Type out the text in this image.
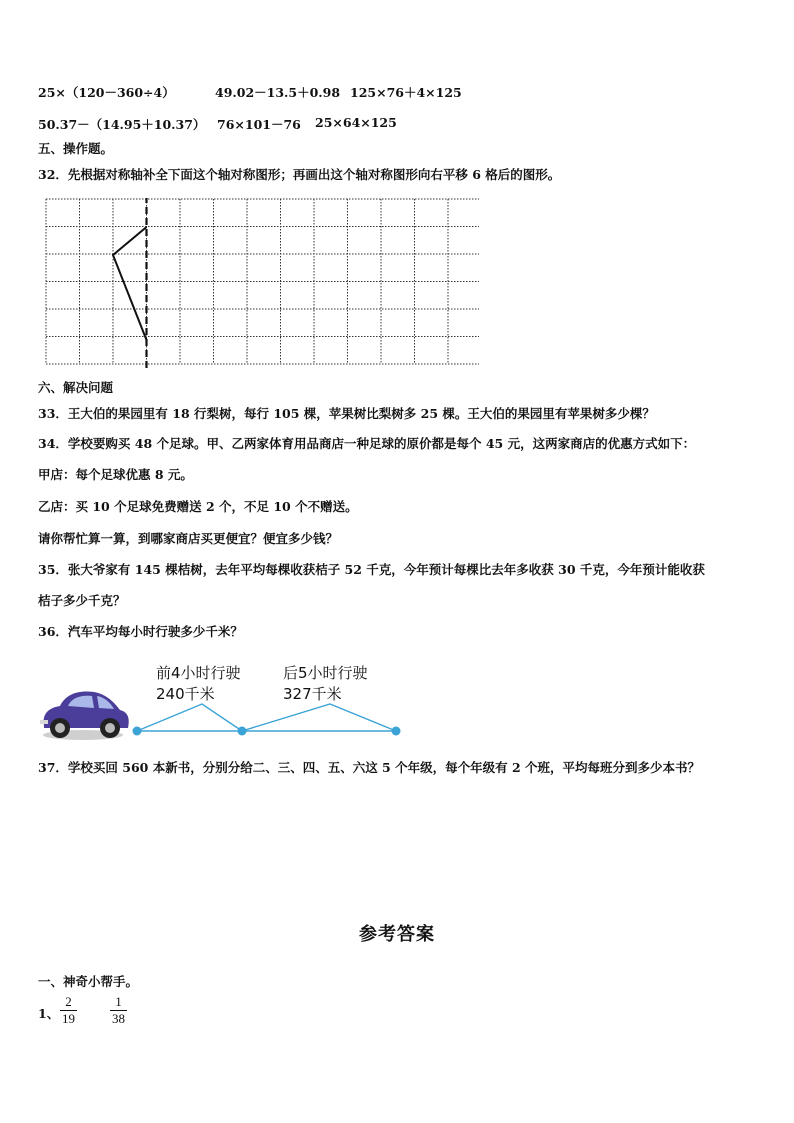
25×（120－360÷4）	49.02－13.5＋0.98 125×76＋4×125
50.37－（14.95＋10.37） 76×101－76 25×64×125
五、操作题。
32．先根据对称轴补全下面这个轴对称图形；再画出这个轴对称图形向右平移 6 格后的图形。
六、解决问题
33．王大伯的果园里有 18 行梨树，每行 105 棵，苹果树比梨树多 25 棵。王大伯的果园里有苹果树多少棵？
34．学校要购买 48 个足球。甲、乙两家体育用品商店一种足球的原价都是每个 45 元，这两家商店的优惠方式如下：
甲店：每个足球优惠 8 元。
乙店：买 10 个足球免费赠送 2 个，不足 10 个不赠送。
请你帮忙算一算，到哪家商店买更便宜？便宜多少钱？
35．张大爷家有 145 棵桔树，去年平均每棵收获桔子 52 千克，今年预计每棵比去年多收获 30 千克，今年预计能收获
桔子多少千克？
36．汽车平均每小时行驶多少千米？
前4小时行驶
240千米
后5小时行驶
327千米
37．学校买回 560 本新书，分别分给二、三、四、五、六这 5 个年级，每个年级有 2 个班，平均每班分到多少本书？
参考答案
一、神奇小帮手。
1、
2
19
1
38
